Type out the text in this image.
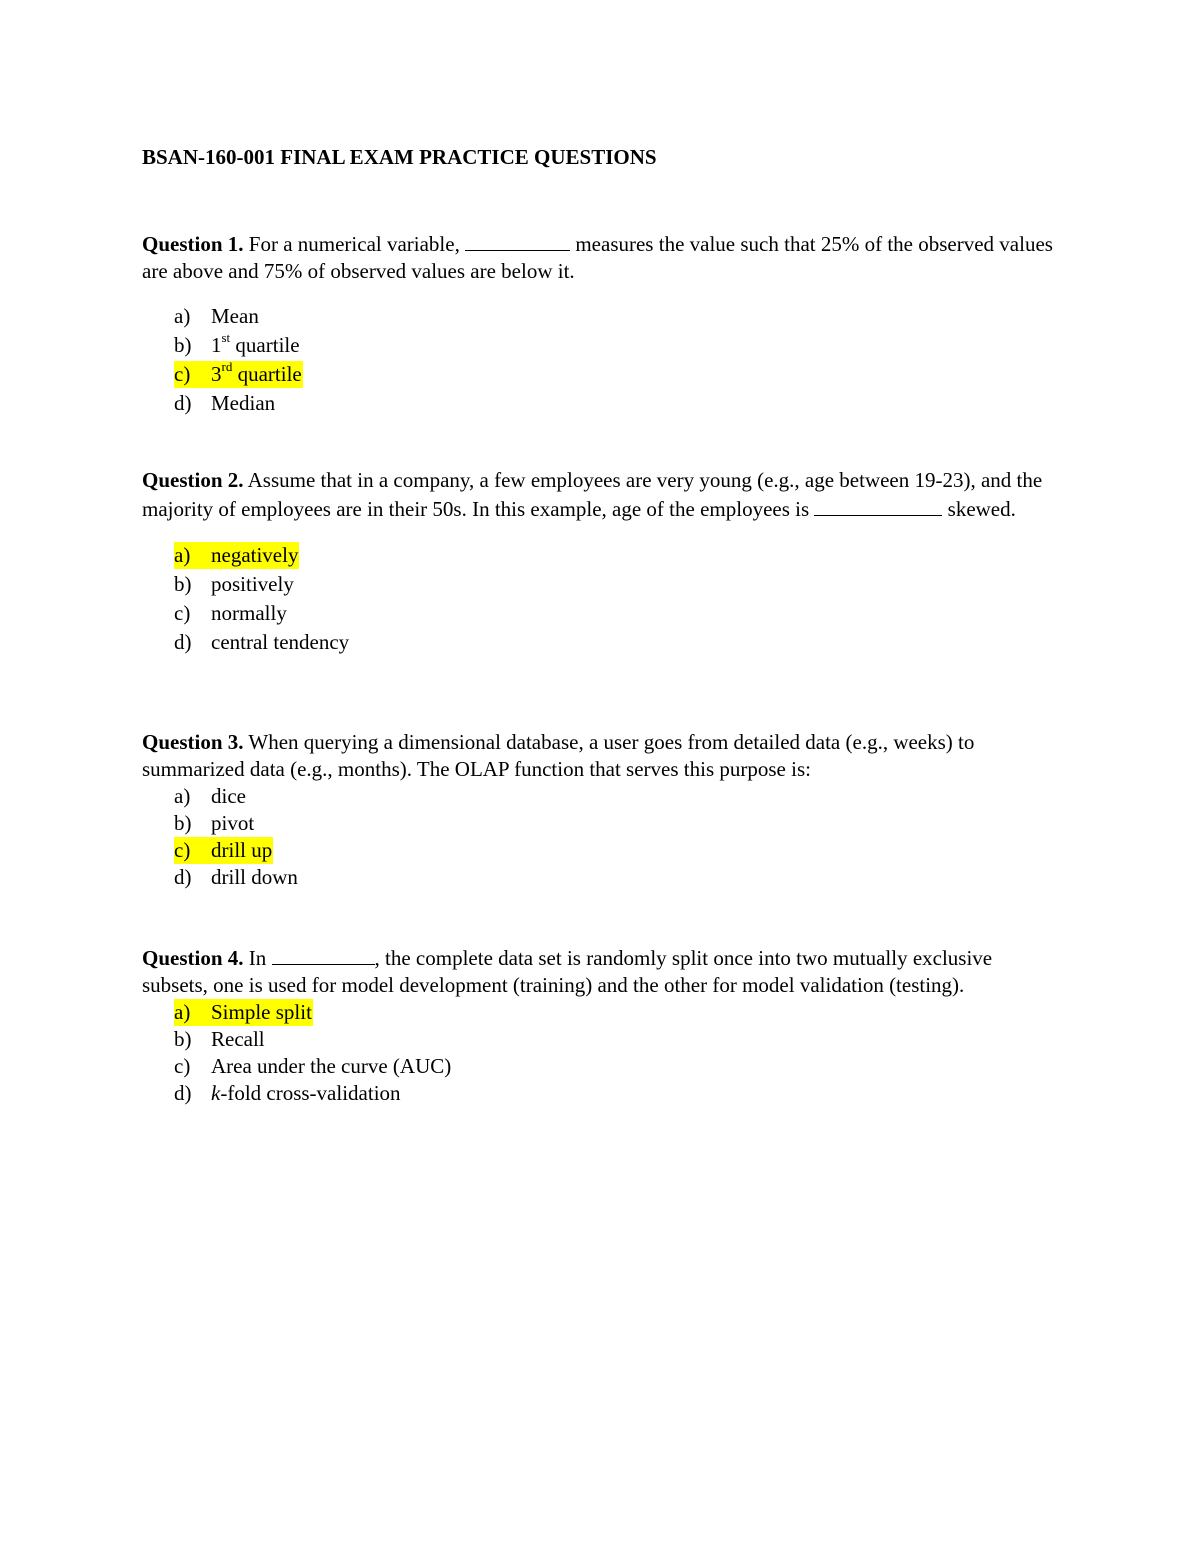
BSAN-160-001 FINAL EXAM PRACTICE QUESTIONS

Question 1. For a numerical variable,	measures the value such that 25% of the observed values are above and 75% of observed values are below it.

a) Mean
b) 1st quartile
c) 3rd quartile
d) Median

Question 2. Assume that in a company, a few employees are very young (e.g., age between 19-23), and the majority of employees are in their 50s. In this example, age of the employees is	skewed.

a) negatively
b) positively
c) normally
d) central tendency

Question 3. When querying a dimensional database, a user goes from detailed data (e.g., weeks) to summarized data (e.g., months). The OLAP function that serves this purpose is:

a) dice
b) pivot
c) drill up
d) drill down

Question 4. In	, the complete data set is randomly split once into two mutually exclusive subsets, one is used for model development (training) and the other for model validation (testing).

a) Simple split
b) Recall
c) Area under the curve (AUC)
d) k-fold cross-validation
